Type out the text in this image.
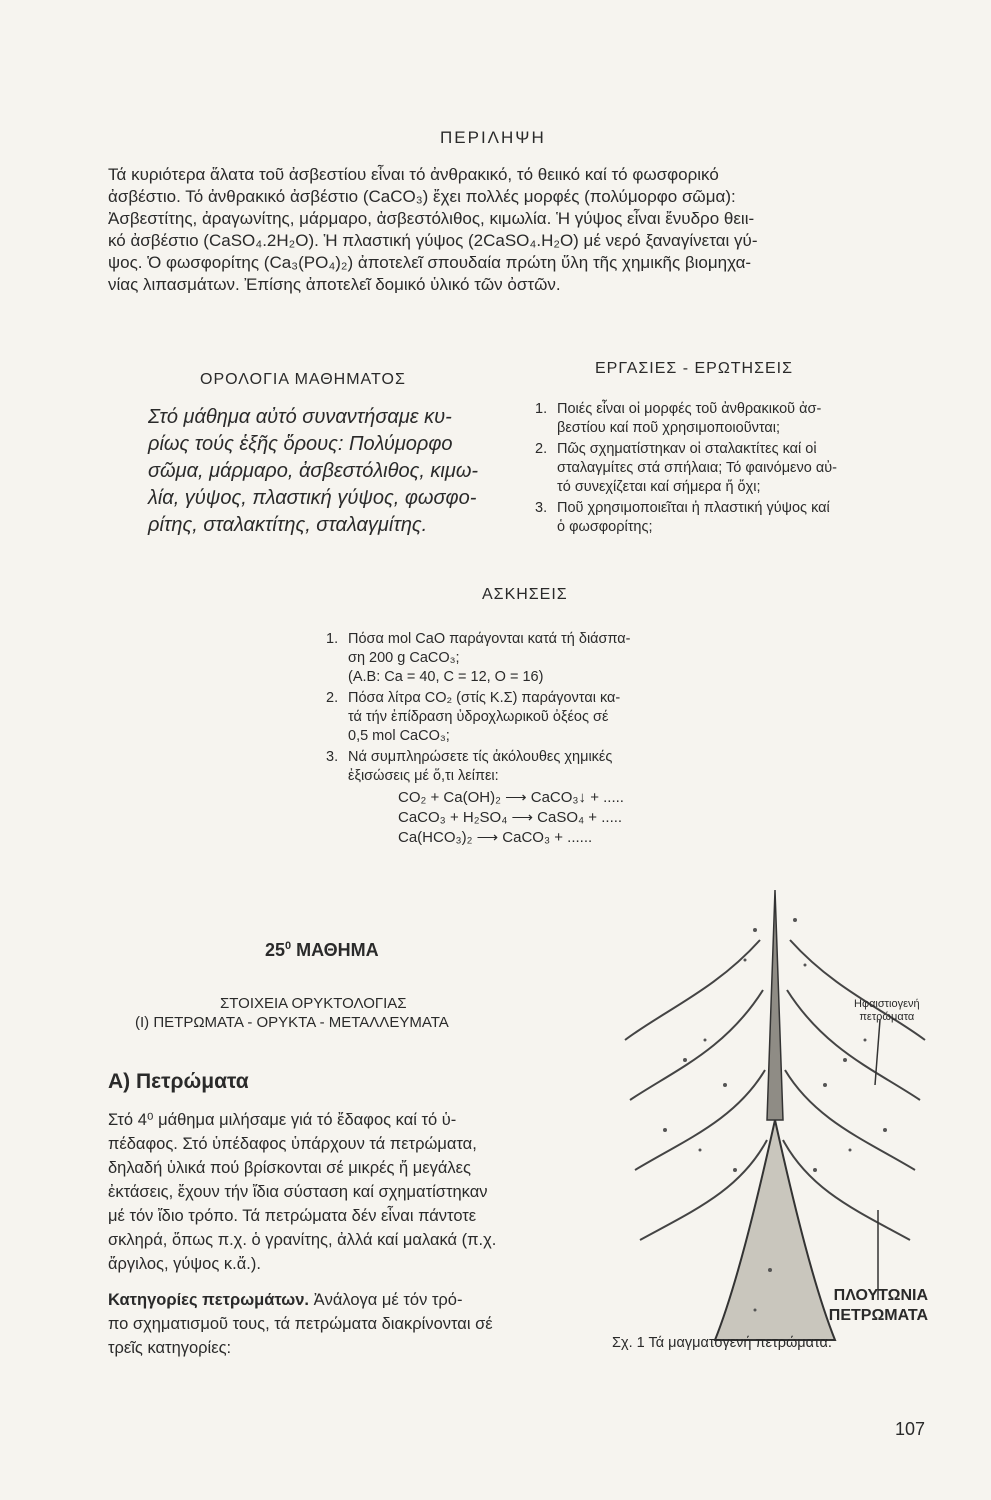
ΠΕΡΙΛΗΨΗ
Τά κυριότερα ἅλατα τοῦ ἀσβεστίου εἶναι τό ἀνθρακικό, τό θειικό καί τό φωσφορικό
ἀσβέστιο. Τό ἀνθρακικό ἀσβέστιο (CaCO₃) ἔχει πολλές μορφές (πολύμορφο σῶμα):
Ἀσβεστίτης, ἀραγωνίτης, μάρμαρο, ἀσβεστόλιθος, κιμωλία. Ἡ γύψος εἶναι ἔνυδρο θειι-
κό ἀσβέστιο (CaSO₄.2H₂O). Ἡ πλαστική γύψος (2CaSO₄.H₂O) μέ νερό ξαναγίνεται γύ-
ψος. Ὁ φωσφορίτης (Ca₃(PO₄)₂) ἀποτελεῖ σπουδαία πρώτη ὕλη τῆς χημικῆς βιομηχα-
νίας λιπασμάτων. Ἐπίσης ἀποτελεῖ δομικό ὑλικό τῶν ὀστῶν.
ΟΡΟΛΟΓΙΑ ΜΑΘΗΜΑΤΟΣ
Στό μάθημα αὐτό συναντήσαμε κυ-
ρίως τούς ἑξῆς ὅρους: Πολύμορφο
σῶμα, μάρμαρο, ἀσβεστόλιθος, κιμω-
λία, γύψος, πλαστική γύψος, φωσφο-
ρίτης, σταλακτίτης, σταλαγμίτης.
ΕΡΓΑΣΙΕΣ - ΕΡΩΤΗΣΕΙΣ
1. Ποιές εἶναι οἱ μορφές τοῦ ἀνθρακικοῦ ἀσ-
βεστίου καί ποῦ χρησιμοποιοῦνται;
2. Πῶς σχηματίστηκαν οἱ σταλακτίτες καί οἱ
σταλαγμίτες στά σπήλαια; Τό φαινόμενο αὐ-
τό συνεχίζεται καί σήμερα ἤ ὄχι;
3. Ποῦ χρησιμοποιεῖται ἡ πλαστική γύψος καί
ὁ φωσφορίτης;
ΑΣΚΗΣΕΙΣ
1. Πόσα mol CaO παράγονται κατά τή διάσπα-
ση 200 g CaCO₃;
(Α.Β: Ca = 40, C = 12, O = 16)
2. Πόσα λίτρα CO₂ (στίς Κ.Σ) παράγονται κα-
τά τήν ἐπίδραση ὑδροχλωρικοῦ ὀξέος σέ
0,5 mol CaCO₃;
3. Νά συμπληρώσετε τίς ἀκόλουθες χημικές
ἐξισώσεις μέ ὅ,τι λείπει:
CO₂ + Ca(OH)₂ ⟶ CaCO₃↓ + .....
CaCO₃ + H₂SO₄ ⟶ CaSO₄ + .....
Ca(HCO₃)₂ ⟶ CaCO₃ + ......
$25^0$ ΜΑΘΗΜΑ
ΣΤΟΙΧΕΙΑ ΟΡΥΚΤΟΛΟΓΙΑΣ
(Ι) ΠΕΤΡΩΜΑΤΑ - ΟΡΥΚΤΑ - ΜΕΤΑΛΛΕΥΜΑΤΑ
Α) Πετρώματα
Στό 4⁰ μάθημα μιλήσαμε γιά τό ἔδαφος καί τό ὑ-
πέδαφος. Στό ὑπέδαφος ὑπάρχουν τά πετρώματα,
δηλαδή ὑλικά πού βρίσκονται σέ μικρές ἤ μεγάλες
ἐκτάσεις, ἔχουν τήν ἴδια σύσταση καί σχηματίστηκαν
μέ τόν ἴδιο τρόπο. Τά πετρώματα δέν εἶναι πάντοτε
σκληρά, ὅπως π.χ. ὁ γρανίτης, ἀλλά καί μαλακά (π.χ.
ἄργιλος, γύψος κ.ἄ.).
Κατηγορίες πετρωμάτων. Ἀνάλογα μέ τόν τρό-
πο σχηματισμοῦ τους, τά πετρώματα διακρίνονται σέ
τρεῖς κατηγορίες:
Ηφαιστιογενή
πετρώματα
ΠΛΟΥΤΩΝΙΑ
ΠΕΤΡΩΜΑΤΑ
Σχ. 1 Τά μαγματογενή πετρώματα.
107
